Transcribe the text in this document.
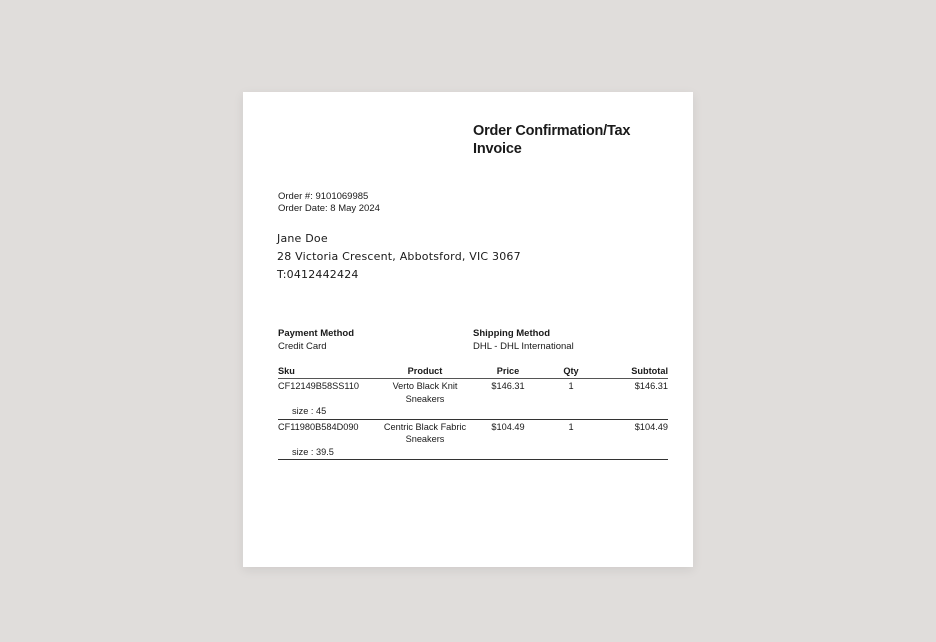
Order Confirmation/Tax Invoice
Order #: 9101069985
Order Date: 8 May 2024
Jane Doe
28 Victoria Crescent, Abbotsford, VIC 3067
T:0412442424
Payment Method
Credit Card
Shipping Method
DHL - DHL International
Sku	Product	Price	Qty	Subtotal
CF12149B58SS110	Verto Black Knit Sneakers	$146.31	1	$146.31
size : 45				
CF11980B584D090	Centric Black Fabric Sneakers	$104.49	1	$104.49
size : 39.5				
